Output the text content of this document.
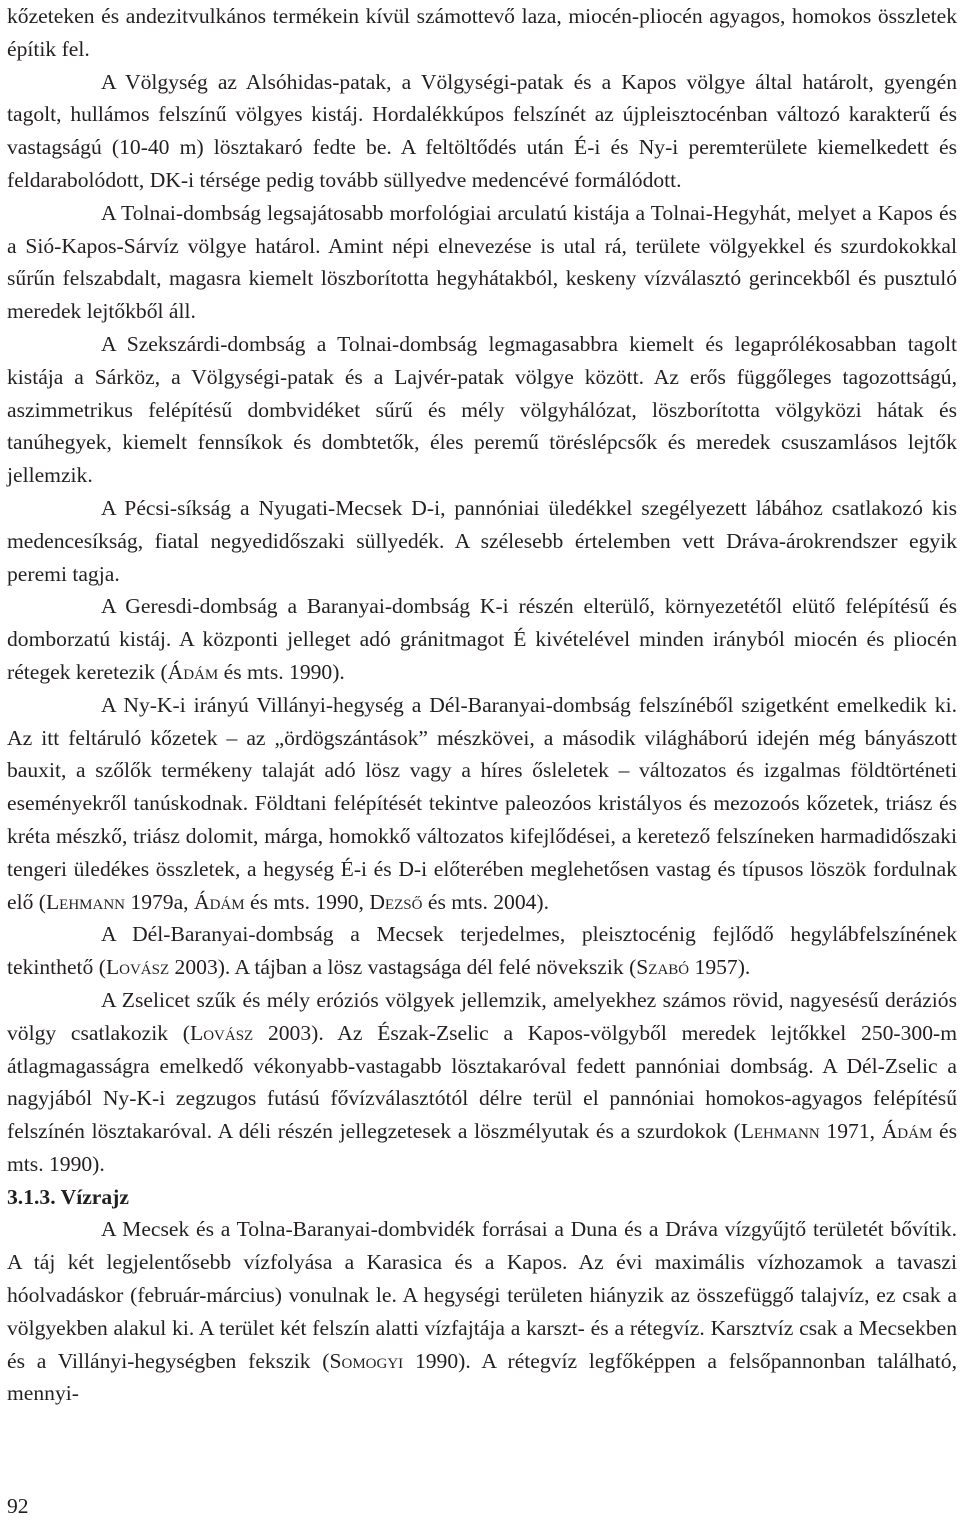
kőzeteken és andezitvulkános termékein kívül számottevő laza, miocén-pliocén agyagos, homokos összletek építik fel.

A Völgység az Alsóhidas-patak, a Völgységi-patak és a Kapos völgye által határolt, gyengén tagolt, hullámos felszínű völgyes kistáj. Hordalékkúpos felszínét az újpleisztocénban változó karakterű és vastagságú (10-40 m) lösztakaró fedte be. A feltöltődés után É-i és Ny-i peremterülete kiemelkedett és feldarabolódott, DK-i térsége pedig tovább süllyedve medencévé formálódott.

A Tolnai-dombság legsajátosabb morfológiai arculatú kistája a Tolnai-Hegyhát, melyet a Kapos és a Sió-Kapos-Sárvíz völgye határol. Amint népi elnevezése is utal rá, területe völgyekkel és szurdokokkal sűrűn felszabdalt, magasra kiemelt löszborította hegyhátakból, keskeny vízválasztó gerincekből és pusztuló meredek lejtőkből áll.

A Szekszárdi-dombság a Tolnai-dombság legmagasabbra kiemelt és legaprólékosabban tagolt kistája a Sárköz, a Völgységi-patak és a Lajvér-patak völgye között. Az erős függőleges tagozottságú, aszimmetrikus felépítésű dombvidéket sűrű és mély völgyhálózat, löszborította völgyközi hátak és tanúhegyek, kiemelt fennsíkok és dombtetők, éles peremű töréslépcsők és meredek csuszamlásos lejtők jellemzik.

A Pécsi-síkság a Nyugati-Mecsek D-i, pannóniai üledékkel szegélyezett lábához csatlakozó kis medencesíkság, fiatal negyedidőszaki süllyedék. A szélesebb értelemben vett Dráva-árokrendszer egyik peremi tagja.

A Geresdi-dombság a Baranyai-dombság K-i részén elterülő, környezetétől elütő felépítésű és domborzatú kistáj. A központi jelleget adó gránitmagot É kivételével minden irányból miocén és pliocén rétegek keretezik (Ádám és mts. 1990).

A Ny-K-i irányú Villányi-hegység a Dél-Baranyai-dombság felszínéből szigetként emelkedik ki. Az itt feltáruló kőzetek – az „ördögszántások” mészkövei, a második világháború idején még bányászott bauxit, a szőlők termékeny talaját adó lösz vagy a híres ősleletek – változatos és izgalmas földtörténeti eseményekről tanúskodnak. Földtani felépítését tekintve paleozóos kristályos és mezozoós kőzetek, triász és kréta mészkő, triász dolomit, márga, homokkő változatos kifejlődései, a keretező felszíneken harmadidőszaki tengeri üledékes összletek, a hegység É-i és D-i előterében meglehetősen vastag és típusos löszök fordulnak elő (Lehmann 1979a, Ádám és mts. 1990, Dezső és mts. 2004).

A Dél-Baranyai-dombság a Mecsek terjedelmes, pleisztocénig fejlődő hegylábfelszínének tekinthető (Lovász 2003). A tájban a lösz vastagsága dél felé növekszik (Szabó 1957).

A Zselicet szűk és mély eróziós völgyek jellemzik, amelyekhez számos rövid, nagyesésű deráziós völgy csatlakozik (Lovász 2003). Az Észak-Zselic a Kapos-völgyből meredek lejtőkkel 250-300-m átlagmagasságra emelkedő vékonyabb-vastagabb lösztakaróval fedett pannóniai dombság. A Dél-Zselic a nagyjából Ny-K-i zegzugos futású fővízválasztótól délre terül el pannóniai homokos-agyagos felépítésű felszínén lösztakaróval. A déli részén jellegzetesek a löszmélyutak és a szurdokok (Lehmann 1971, Ádám és mts. 1990).

3.1.3. Vízrajz

A Mecsek és a Tolna-Baranyai-dombvidék forrásai a Duna és a Dráva vízgyűjtő területét bővítik. A táj két legjelentősebb vízfolyása a Karasica és a Kapos. Az évi maximális vízhozamok a tavaszi hóolvadáskor (február-március) vonulnak le. A hegységi területen hiányzik az összefüggő talajvíz, ez csak a völgyekben alakul ki. A terület két felszín alatti vízfajtája a karszt- és a rétegvíz. Karsztvíz csak a Mecsekben és a Villányi-hegységben fekszik (Somogyi 1990). A rétegvíz legfőképpen a felsőpannonban található, mennyi-

92
